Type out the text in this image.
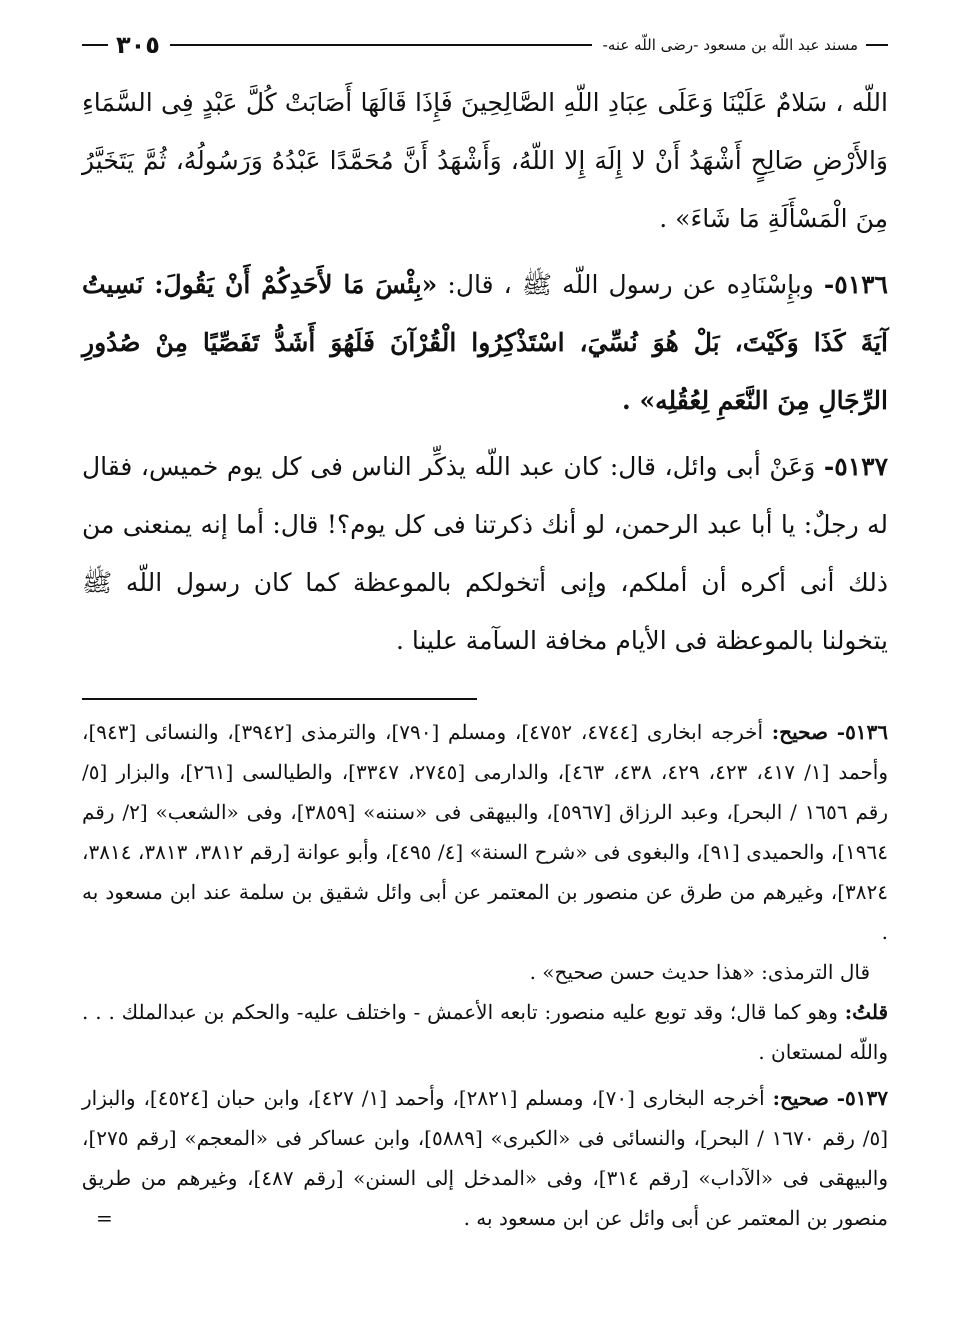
مسند عبد اللّه بن مسعود -رضى اللّه عنه-
٣٠٥

اللّه ، سَلامٌ عَلَيْنَا وَعَلَى عِبَادِ اللّهِ الصَّالِحِينَ فَإِذَا قَالَهَا أَصَابَتْ كُلَّ عَبْدٍ فِى السَّمَاءِ وَالأَرْضِ صَالِحٍ أَشْهَدُ أَنْ لا إِلَهَ إِلا اللّهُ، وَأَشْهَدُ أَنَّ مُحَمَّدًا عَبْدُهُ وَرَسُولُهُ، ثُمَّ يَتَخَيَّرُ مِنَ الْمَسْأَلَةِ مَا شَاءَ» .

٥١٣٦- وبإِسْنَادِه عن رسول اللّه ﷺ ، قال: «بِئْسَ مَا لأَحَدِكُمْ أَنْ يَقُولَ: نَسِيتُ آيَةَ كَذَا وَكَيْتَ، بَلْ هُوَ نُسِّيَ، اسْتَذْكِرُوا الْقُرْآنَ فَلَهُوَ أَشَدُّ تَفَصِّيًا مِنْ صُدُورِ الرِّجَالِ مِنَ النَّعَمِ لِعُقُلِه» .

٥١٣٧- وَعَنْ أبى وائل، قال: كان عبد اللّه يذكِّر الناس فى كل يوم خميس، فقال له رجلٌ: يا أبا عبد الرحمن، لو أنك ذكرتنا فى كل يوم؟! قال: أما إنه يمنعنى من ذلك أنى أكره أن أملكم، وإنى أتخولكم بالموعظة كما كان رسول اللّه ﷺ يتخولنا بالموعظة فى الأيام مخافة السآمة علينا .

٥١٣٦- صحيح: أخرجه ابخارى [٤٧٤٤، ٤٧٥٢]، ومسلم [٧٩٠]، والترمذى [٣٩٤٢]، والنسائى [٩٤٣]، وأحمد [١/ ٤١٧، ٤٢٣، ٤٢٩، ٤٣٨، ٤٦٣]، والدارمى [٢٧٤٥، ٣٣٤٧]، والطيالسى [٢٦١]، والبزار [٥/ رقم ١٦٥٦ / البحر]، وعبد الرزاق [٥٩٦٧]، والبيهقى فى «سننه» [٣٨٥٩]، وفى «الشعب» [٢/ رقم ١٩٦٤]، والحميدى [٩١]، والبغوى فى «شرح السنة» [٤/ ٤٩٥]، وأبو عوانة [رقم ٣٨١٢، ٣٨١٣، ٣٨١٤، ٣٨٢٤]، وغيرهم من طرق عن منصور بن المعتمر عن أبى وائل شقيق بن سلمة عند ابن مسعود به .
قال الترمذى: «هذا حديث حسن صحيح» .
قلتُ: وهو كما قال؛ وقد توبع عليه منصور: تابعه الأعمش - واختلف عليه- والحكم بن عبدالملك . . . واللّه لمستعان .
٥١٣٧- صحيح: أخرجه البخارى [٧٠]، ومسلم [٢٨٢١]، وأحمد [١/ ٤٢٧]، وابن حبان [٤٥٢٤]، والبزار [٥/ رقم ١٦٧٠ / البحر]، والنسائى فى «الكبرى» [٥٨٨٩]، وابن عساكر فى «المعجم» [رقم ٢٧٥]، والبيهقى فى «الآداب» [رقم ٣١٤]، وفى «المدخل إلى السنن» [رقم ٤٨٧]، وغيرهم من طريق منصور بن المعتمر عن أبى وائل عن ابن مسعود به .
=
